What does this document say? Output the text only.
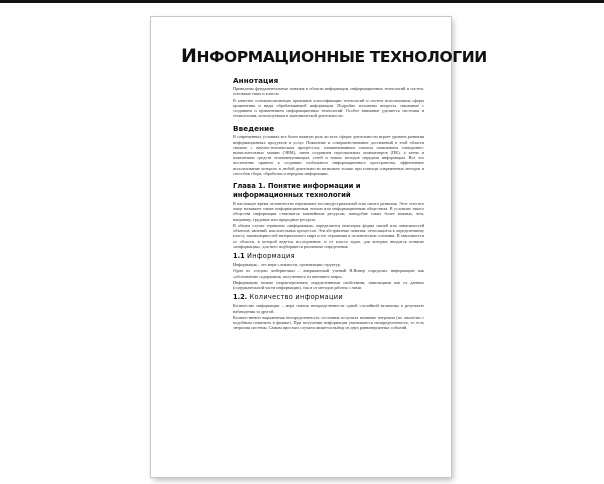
ИНФОРМАЦИОННЫЕ ТЕХНОЛОГИИ
Аннотация

Приведены фундаментальные понятия в области информации, информационных технологий и систем, основные типы и классы.

В качестве основополагающих признаков классификации технологий и систем использованы сферы применения и виды обрабатываемой информации. Подробно изложены вопросы, связанные с созданием и применением информационных технологий. Особое внимание уделяется системам и технологиям, используемым в экономической деятельности.

Введение

В современных условиях все более важную роль во всех сферах деятельности играет уровень развития информационных продуктов и услуг. Появление и совершенствование достижений в этой области связано с научно-техническим прогрессом, ознаменованным сначала появлением электронно-вычислительных машин (ЭВМ), затем созданием персональных компьютеров (ПК), а затем и появлением средств телекоммуникации, сетей и новых методов передачи информации. Все это постепенно привело к созданию глобального информационного пространства, эффективное использование которого в любой деятельности возможно только при помощи современных методов и способов сбора, обработки и передачи информации.

Глава 1. Понятие информации и информационных технологий

В настоящее время человечество переживает постиндустриальный этап своего развития. Этот этап все чаще называют также информационным этапом или информационным обществом. В условиях такого общества информация становится важнейшим ресурсом, наподобие таких более важных, чем, например, трудовые или природные ресурсы.

В общем случае термином «информация» определяется некоторая форма связей или зависимостей объектов, явлений, мыслительных процессов. Эти абстрактные понятия, относящиеся к определенному классу закономерностей материального мира и его отражения в человеческом сознании. В зависимости от области, в которой ведется исследование, и от класса задач, для которых вводится понятие «информация», для него подбираются различные определения.

1.1 Информация

Информация – это мера сложности, организации структур.

Один из «отцов» кибернетики – американский ученый Н.Винер определил информацию как «обозначение содержания, полученного из внешнего мира».

Информацию можно охарактеризовать определенными свойствами, зависящими как от данных (содержательной части информации), так и от методов работы с ними.

1.2. Количество информации

Количество информации – мера снятия неопределенности одной случайной величины в результате наблюдения за другой.

Количественно выраженная неопределенность состояния получила название энтропии (по аналогии с подобным понятием в физике). При получении информации уменьшается неопределенность, то есть энтропия системы. Самым простым случаем является выбор из двух равновероятных событий.
